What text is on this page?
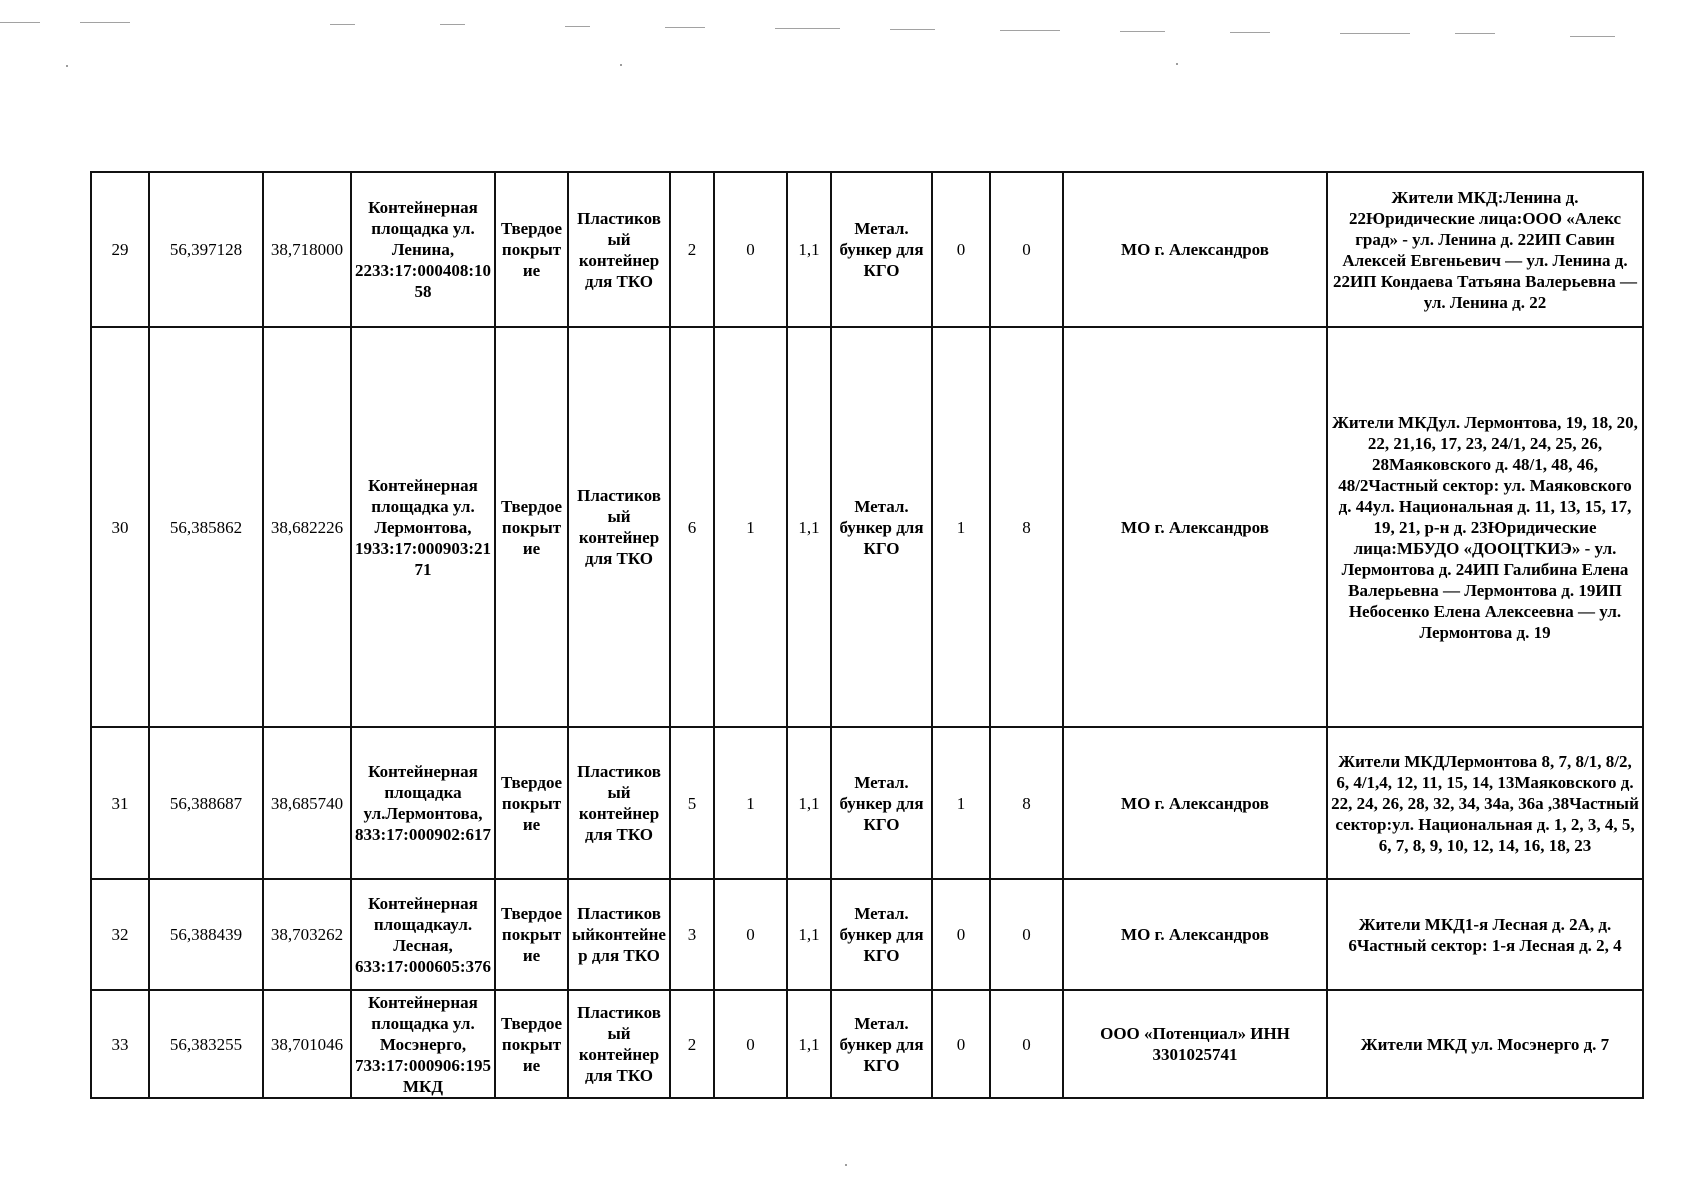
29	56,397128	38,718000	Контейнерная площадка ул. Ленина, 2233:17:000408:1058	Твердое покрытие	Пластиковый контейнер для ТКО	2	0	1,1	Метал. бункер для КГО	0	0	МО г. Александров	Жители МКД:Ленина д. 22Юридические лица:ООО «Алекс град» - ул. Ленина д. 22ИП Савин Алексей Евгеньевич — ул. Ленина д. 22ИП Кондаева Татьяна Валерьевна — ул. Ленина д. 22
30	56,385862	38,682226	Контейнерная площадка ул. Лермонтова, 1933:17:000903:2171	Твердое покрытие	Пластиковый контейнер для ТКО	6	1	1,1	Метал. бункер для КГО	1	8	МО г. Александров	Жители МКДул. Лермонтова, 19, 18, 20, 22, 21,16, 17, 23, 24/1, 24, 25, 26, 28Маяковского д. 48/1, 48, 46, 48/2Частный сектор: ул. Маяковского д. 44ул. Национальная д. 11, 13, 15, 17, 19, 21, р-н д. 23Юридические лица:МБУДО «ДООЦТКИЭ» - ул. Лермонтова д. 24ИП Галибина Елена Валерьевна — Лермонтова д. 19ИП Небосенко Елена Алексеевна — ул. Лермонтова д. 19
31	56,388687	38,685740	Контейнерная площадка ул.Лермонтова, 833:17:000902:617	Твердое покрытие	Пластиковый контейнер для ТКО	5	1	1,1	Метал. бункер для КГО	1	8	МО г. Александров	Жители МКДЛермонтова 8, 7, 8/1, 8/2, 6, 4/1,4, 12, 11, 15, 14, 13Маяковского д. 22, 24, 26, 28, 32, 34, 34а, 36а ,38Частный сектор:ул. Национальная д. 1, 2, 3, 4, 5, 6, 7, 8, 9, 10, 12, 14, 16, 18, 23
32	56,388439	38,703262	Контейнерная площадкаул. Лесная, 633:17:000605:376	Твердое покрытие	Пластиковыйконтейнер для ТКО	3	0	1,1	Метал. бункер для КГО	0	0	МО г. Александров	Жители МКД1-я Лесная д. 2А, д. 6Частный сектор: 1-я Лесная д. 2, 4
33	56,383255	38,701046	Контейнерная площадка ул. Мосэнерго, 733:17:000906:195 МКД	Твердое покрытие	Пластиковый контейнер для ТКО	2	0	1,1	Метал. бункер для КГО	0	0	ООО «Потенциал» ИНН 3301025741	Жители МКД ул. Мосэнерго д. 7
